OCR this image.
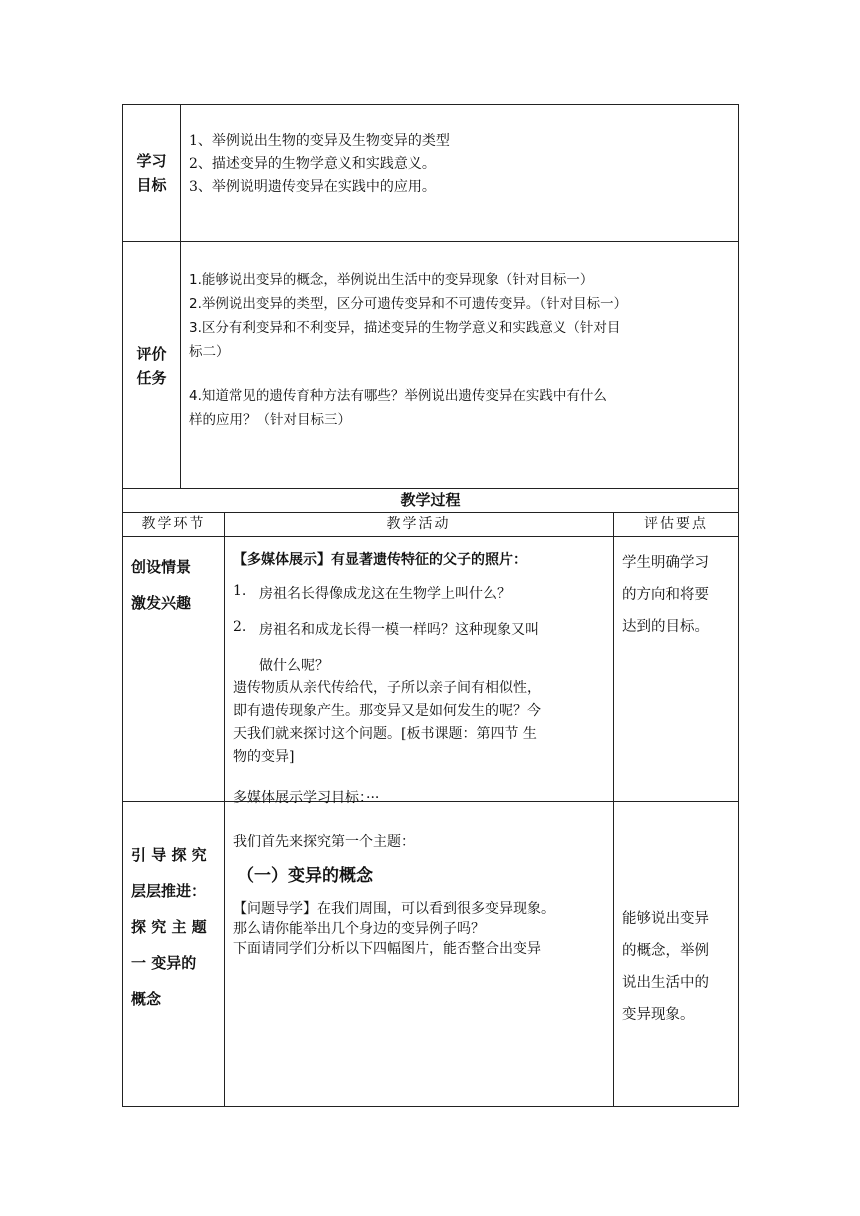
学习
目标
1、举例说出生物的变异及生物变异的类型
2、描述变异的生物学意义和实践意义。
3、举例说明遗传变异在实践中的应用。
评价
任务
1.能够说出变异的概念，举例说出生活中的变异现象（针对目标一）
2.举例说出变异的类型，区分可遗传变异和不可遗传变异。（针对目标一）
3.区分有利变异和不利变异，描述变异的生物学意义和实践意义（针对目
标二）
4.知道常见的遗传育种方法有哪些？举例说出遗传变异在实践中有什么
样的应用？（针对目标三）
教学过程
教学环节	教学活动	评估要点
创设情景
激发兴趣
【多媒体展示】有显著遗传特征的父子的照片：
1. 房祖名长得像成龙这在生物学上叫什么？
2. 房祖名和成龙长得一模一样吗？这种现象又叫
做什么呢？
遗传物质从亲代传给代，子所以亲子间有相似性，
即有遗传现象产生。那变异又是如何发生的呢？今
天我们就来探讨这个问题。[板书课题：第四节 生
物的变异]
多媒体展示学习目标：···
学生明确学习
的方向和将要
达到的目标。
引 导 探 究
层层推进：
探 究 主 题
一 变异的
概念
我们首先来探究第一个主题：
（一）变异的概念
【问题导学】在我们周围，可以看到很多变异现象。
那么请你能举出几个身边的变异例子吗？
下面请同学们分析以下四幅图片，能否整合出变异
能够说出变异
的概念，举例
说出生活中的
变异现象。
